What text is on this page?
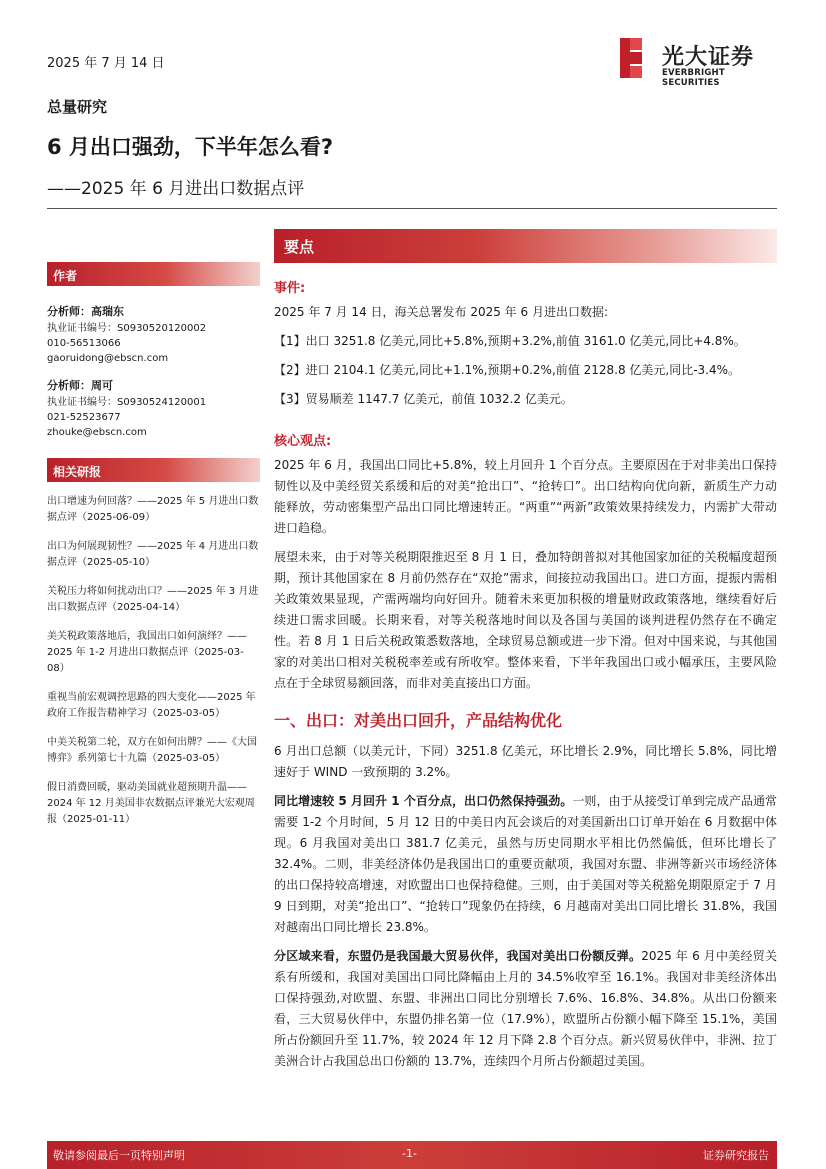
2025 年 7 月 14 日	光大证券
EVERBRIGHT SECURITIES
总量研究
6 月出口强劲，下半年怎么看?
——2025 年 6 月进出口数据点评
作者
分析师：高瑞东
执业证书编号：S0930520120002
010-56513066
gaoruidong@ebscn.com
分析师：周可
执业证书编号：S0930524120001
021-52523677
zhouke@ebscn.com
相关研报
出口增速为何回落？——2025 年 5 月进出口数据点评（2025-06-09）
出口为何展现韧性？——2025 年 4 月进出口数据点评（2025-05-10）
关税压力将如何扰动出口？——2025 年 3 月进出口数据点评（2025-04-14）
美关税政策落地后，我国出口如何演绎？——2025 年 1-2 月进出口数据点评（2025-03-08）
重视当前宏观调控思路的四大变化——2025 年政府工作报告精神学习（2025-03-05）
中美关税第二轮，双方在如何出牌？——《大国博弈》系列第七十九篇（2025-03-05）
假日消费回暖，驱动美国就业超预期升温——2024 年 12 月美国非农数据点评兼光大宏观周报（2025-01-11）
要点
事件:
2025 年 7 月 14 日，海关总署发布 2025 年 6 月进出口数据:
【1】出口 3251.8 亿美元,同比+5.8%,预期+3.2%,前值 3161.0 亿美元,同比+4.8%。
【2】进口 2104.1 亿美元,同比+1.1%,预期+0.2%,前值 2128.8 亿美元,同比-3.4%。
【3】贸易顺差 1147.7 亿美元，前值 1032.2 亿美元。
核心观点:
2025 年 6 月，我国出口同比+5.8%，较上月回升 1 个百分点。主要原因在于对非美出口保持韧性以及中美经贸关系缓和后的对美“抢出口”、“抢转口”。出口结构向优向新，新质生产力动能释放，劳动密集型产品出口同比增速转正。“两重”“两新”政策效果持续发力，内需扩大带动进口趋稳。
展望未来，由于对等关税期限推迟至 8 月 1 日，叠加特朗普拟对其他国家加征的关税幅度超预期，预计其他国家在 8 月前仍然存在“双抢”需求，间接拉动我国出口。进口方面，提振内需相关政策效果显现，产需两端均向好回升。随着未来更加积极的增量财政政策落地，继续看好后续进口需求回暖。长期来看，对等关税落地时间以及各国与美国的谈判进程仍然存在不确定性。若 8 月 1 日后关税政策悉数落地，全球贸易总额或进一步下滑。但对中国来说，与其他国家的对美出口相对关税税率差或有所收窄。整体来看，下半年我国出口或小幅承压，主要风险点在于全球贸易额回落，而非对美直接出口方面。
一、出口：对美出口回升，产品结构优化
6 月出口总额（以美元计，下同）3251.8 亿美元，环比增长 2.9%，同比增长 5.8%，同比增速好于 WIND 一致预期的 3.2%。
同比增速较 5 月回升 1 个百分点，出口仍然保持强劲。一则，由于从接受订单到完成产品通常需要 1-2 个月时间，5 月 12 日的中美日内瓦会谈后的对美国新出口订单开始在 6 月数据中体现。6 月我国对美出口 381.7 亿美元，虽然与历史同期水平相比仍然偏低，但环比增长了 32.4%。二则，非美经济体仍是我国出口的重要贡献项，我国对东盟、非洲等新兴市场经济体的出口保持较高增速，对欧盟出口也保持稳健。三则，由于美国对等关税豁免期限原定于 7 月 9 日到期，对美“抢出口”、“抢转口”现象仍在持续，6 月越南对美出口同比增长 31.8%，我国对越南出口同比增长 23.8%。
分区域来看，东盟仍是我国最大贸易伙伴，我国对美出口份额反弹。2025 年 6 月中美经贸关系有所缓和，我国对美国出口同比降幅由上月的 34.5%收窄至 16.1%。我国对非美经济体出口保持强劲,对欧盟、东盟、非洲出口同比分别增长 7.6%、16.8%、34.8%。从出口份额来看，三大贸易伙伴中，东盟仍排名第一位（17.9%），欧盟所占份额小幅下降至 15.1%，美国所占份额回升至 11.7%，较 2024 年 12 月下降 2.8 个百分点。新兴贸易伙伴中，非洲、拉丁美洲合计占我国总出口份额的 13.7%，连续四个月所占份额超过美国。
敬请参阅最后一页特别声明	-1-	证券研究报告
